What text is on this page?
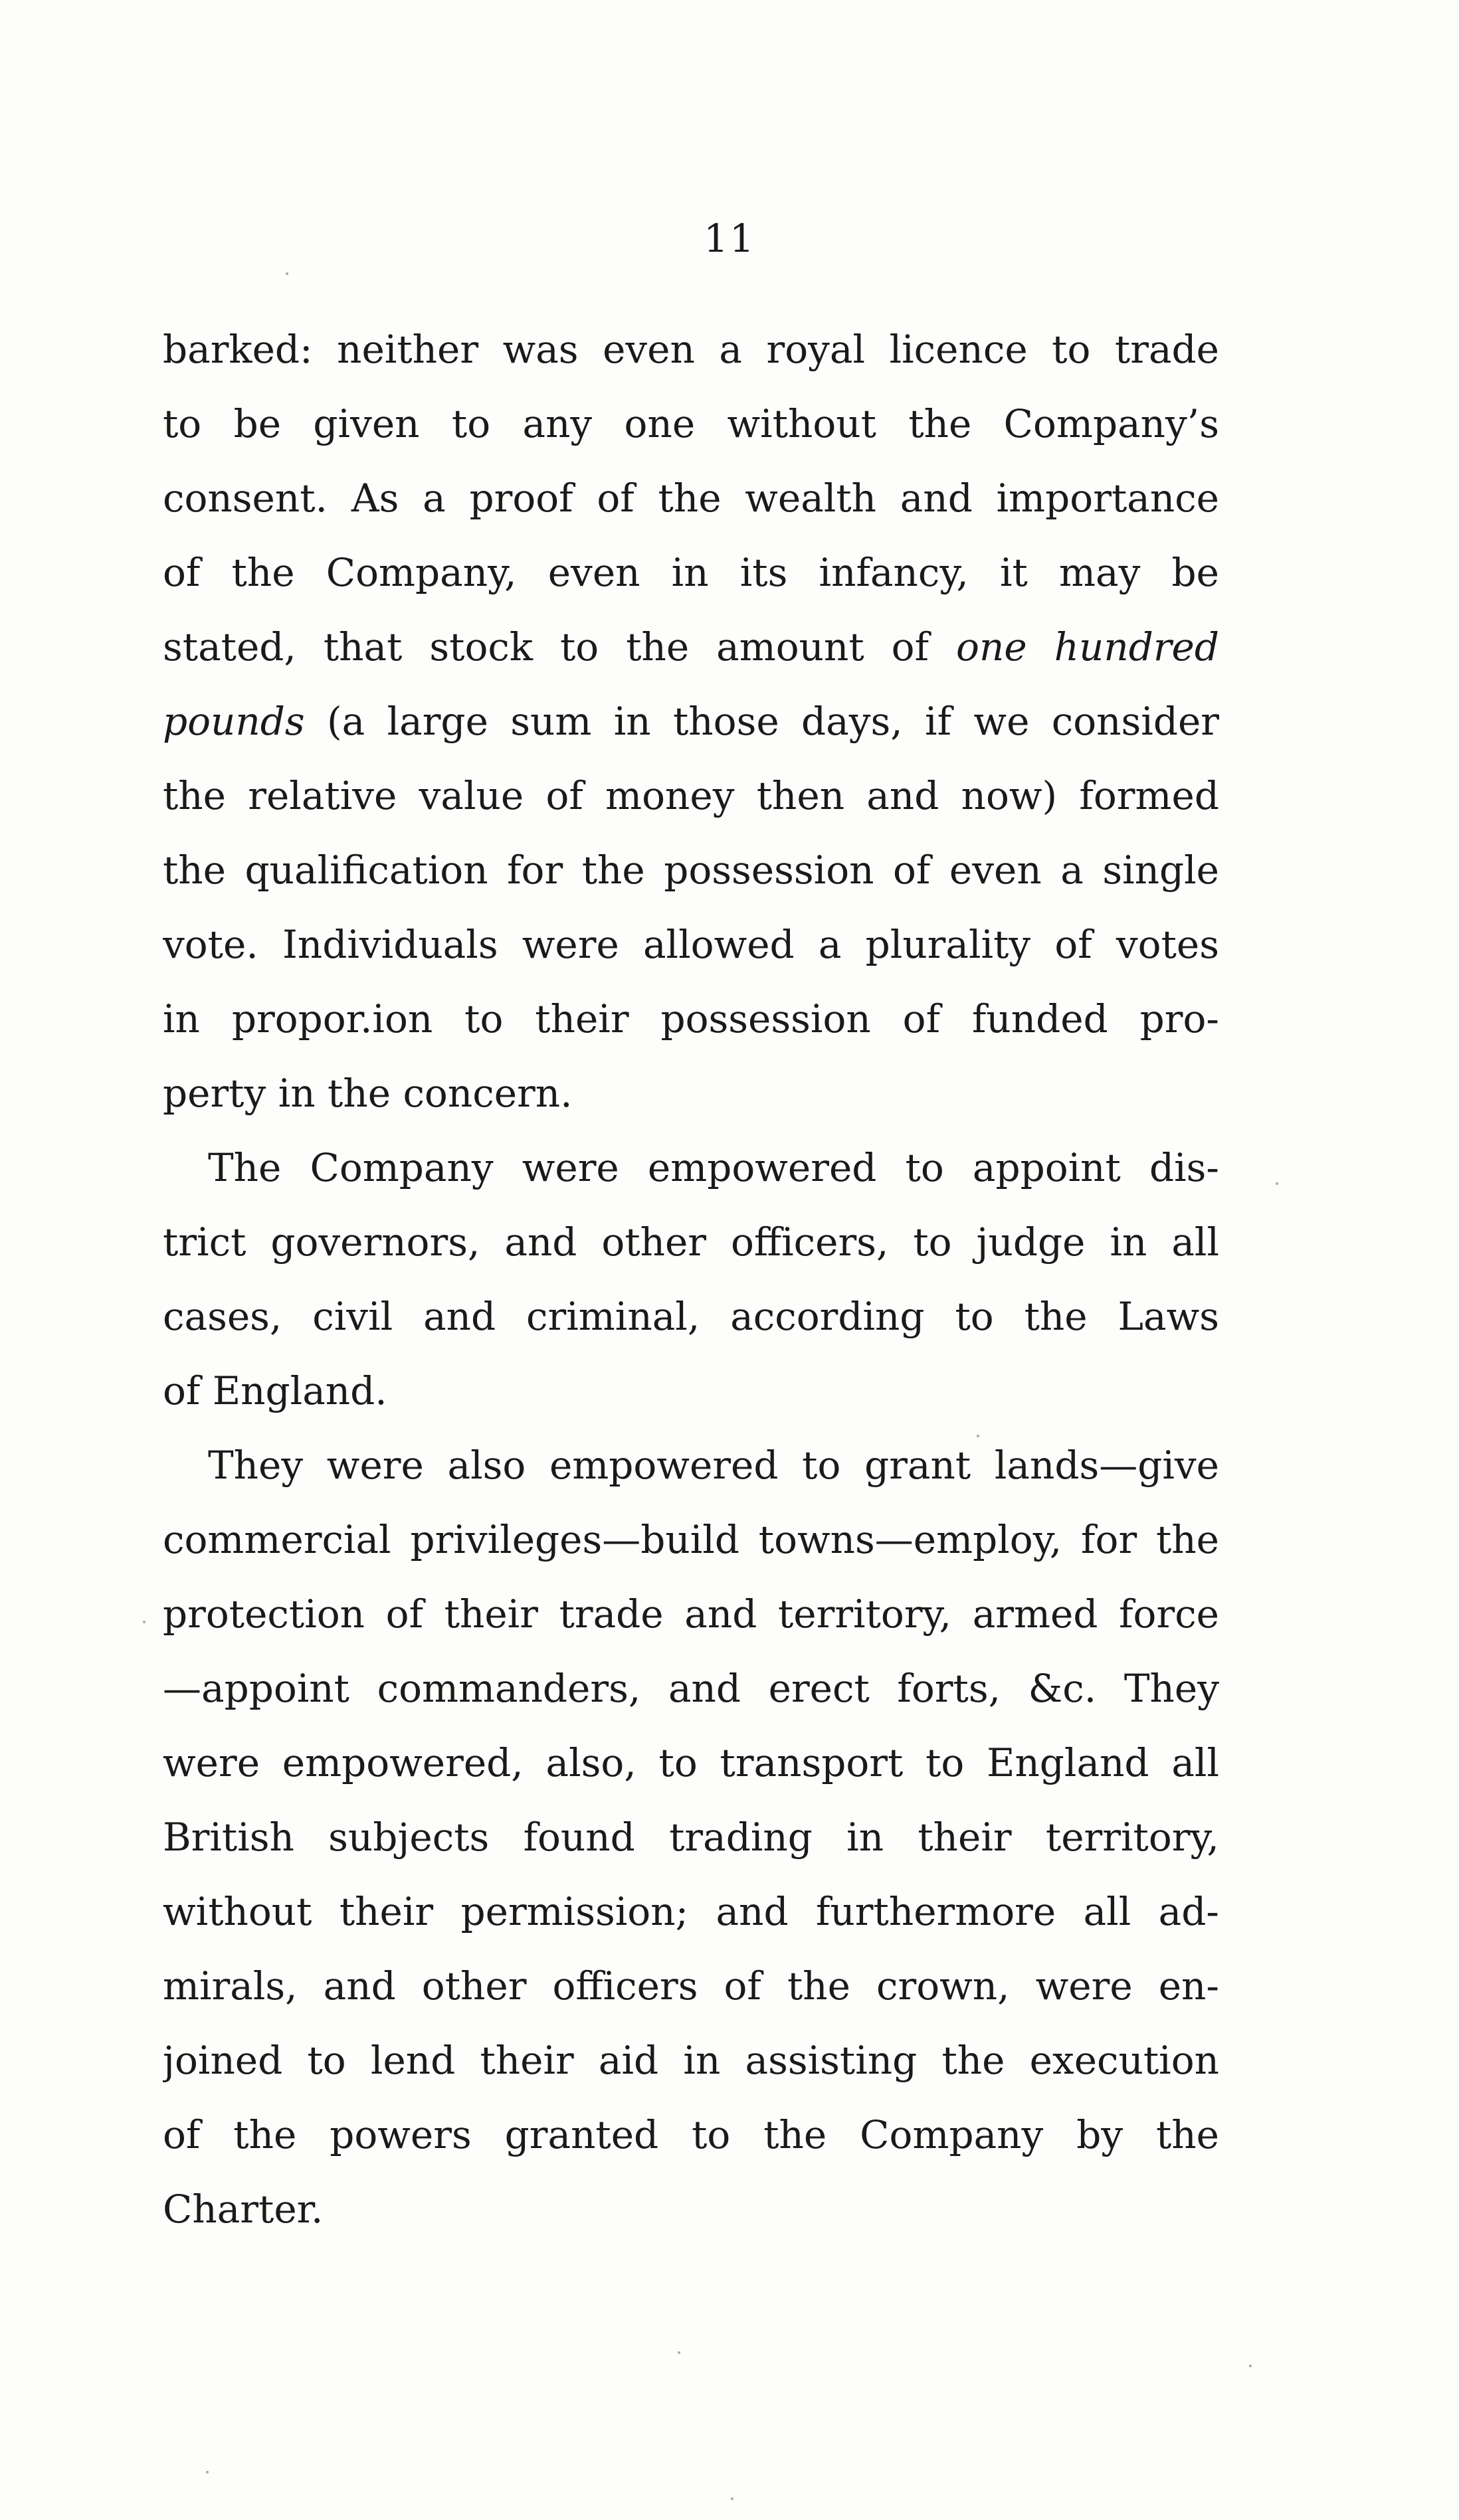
11
barked: neither was even a royal licence to trade
to be given to any one without the Company’s
consent. As a proof of the wealth and importance
of the Company, even in its infancy, it may be
stated, that stock to the amount of one hundred
pounds (a large sum in those days, if we consider
the relative value of money then and now) formed
the qualification for the possession of even a single
vote. Individuals were allowed a plurality of votes
in propor.ion to their possession of funded pro-
perty in the concern.
The Company were empowered to appoint dis-
trict governors, and other officers, to judge in all
cases, civil and criminal, according to the Laws
of England.
They were also empowered to grant lands—give
commercial privileges—build towns—employ, for the
protection of their trade and territory, armed force
—appoint commanders, and erect forts, &c. They
were empowered, also, to transport to England all
British subjects found trading in their territory,
without their permission; and furthermore all ad-
mirals, and other officers of the crown, were en-
joined to lend their aid in assisting the execution
of the powers granted to the Company by the
Charter.
